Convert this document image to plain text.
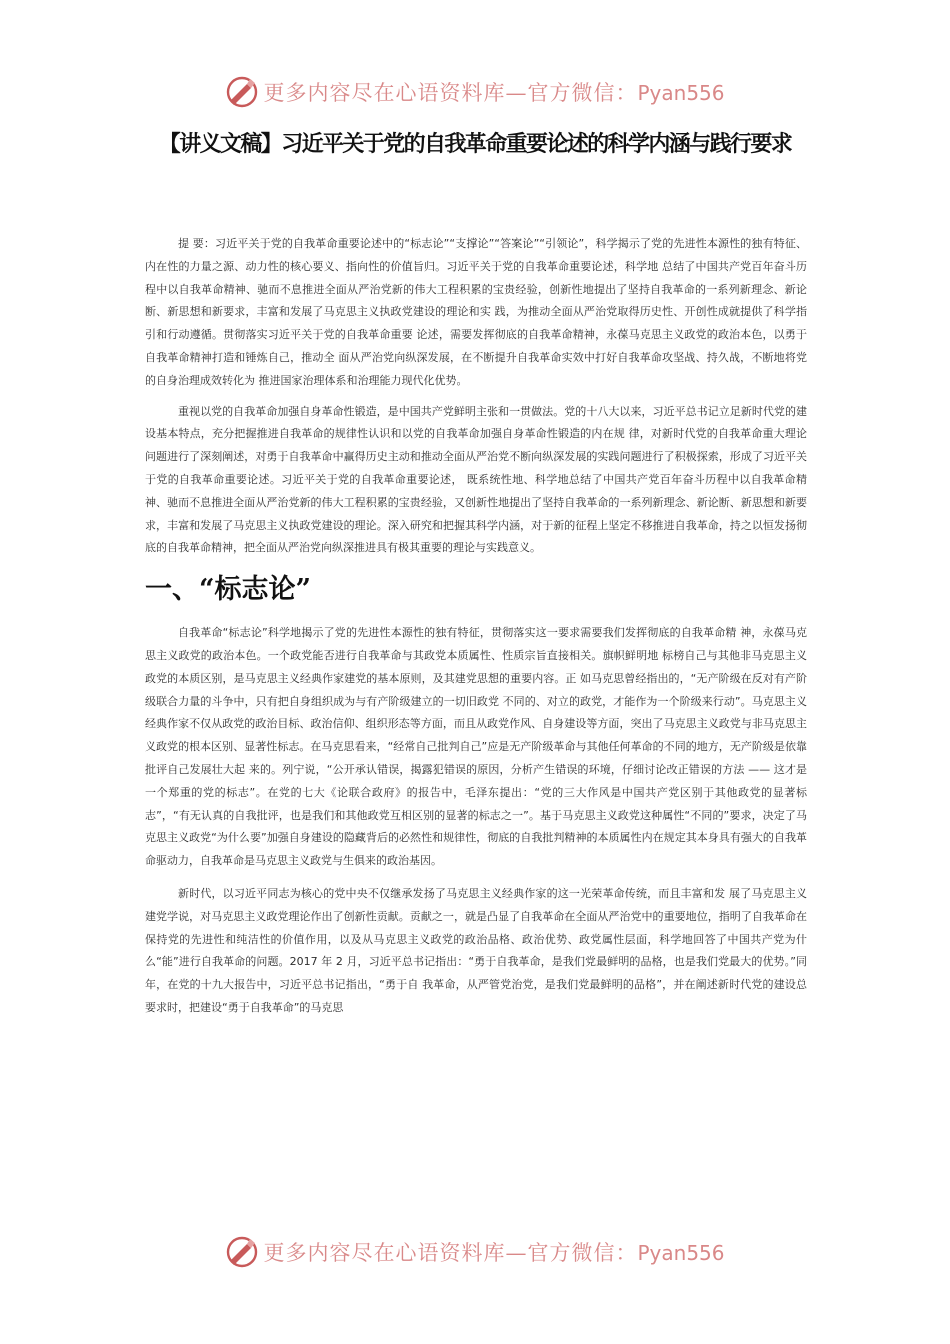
更多内容尽在心语资料库—官方微信：Pyan556
【讲义文稿】习近平关于党的自我革命重要论述的科学内涵与践行要求

提 要：习近平关于党的自我革命重要论述中的“标志论”“支撑论”“答案论”“引领论”，科学揭示了党的先进性本源性的独有特征、内在性的力量之源、动力性的核心要义、指向性的价值旨归。习近平关于党的自我革命重要论述，科学地 总结了中国共产党百年奋斗历程中以自我革命精神、驰而不息推进全面从严治党新的伟大工程积累的宝贵经验，创新性地提出了坚持自我革命的一系列新理念、新论断、新思想和新要求，丰富和发展了马克思主义执政党建设的理论和实 践，为推动全面从严治党取得历史性、开创性成就提供了科学指引和行动遵循。贯彻落实习近平关于党的自我革命重要 论述，需要发挥彻底的自我革命精神，永葆马克思主义政党的政治本色，以勇于自我革命精神打造和锤炼自己，推动全 面从严治党向纵深发展，在不断提升自我革命实效中打好自我革命攻坚战、持久战，不断地将党的自身治理成效转化为 推进国家治理体系和治理能力现代化优势。

重视以党的自我革命加强自身革命性锻造，是中国共产党鲜明主张和一贯做法。党的十八大以来，习近平总书记立足新时代党的建设基本特点，充分把握推进自我革命的规律性认识和以党的自我革命加强自身革命性锻造的内在规 律，对新时代党的自我革命重大理论问题进行了深刻阐述，对勇于自我革命中赢得历史主动和推动全面从严治党不断向纵深发展的实践问题进行了积极探索，形成了习近平关于党的自我革命重要论述。习近平关于党的自我革命重要论述， 既系统性地、科学地总结了中国共产党百年奋斗历程中以自我革命精神、驰而不息推进全面从严治党新的伟大工程积累的宝贵经验，又创新性地提出了坚持自我革命的一系列新理念、新论断、新思想和新要求，丰富和发展了马克思主义执政党建设的理论。深入研究和把握其科学内涵，对于新的征程上坚定不移推进自我革命，持之以恒发扬彻底的自我革命精神，把全面从严治党向纵深推进具有极其重要的理论与实践意义。

一、“标志论”

自我革命“标志论”科学地揭示了党的先进性本源性的独有特征，贯彻落实这一要求需要我们发挥彻底的自我革命精 神，永葆马克思主义政党的政治本色。一个政党能否进行自我革命与其政党本质属性、性质宗旨直接相关。旗帜鲜明地 标榜自己与其他非马克思主义政党的本质区别，是马克思主义经典作家建党的基本原则，及其建党思想的重要内容。正 如马克思曾经指出的，“无产阶级在反对有产阶级联合力量的斗争中，只有把自身组织成为与有产阶级建立的一切旧政党 不同的、对立的政党，才能作为一个阶级来行动”。马克思主义经典作家不仅从政党的政治目标、政治信仰、组织形态等方面，而且从政党作风、自身建设等方面，突出了马克思主义政党与非马克思主义政党的根本区别、显著性标志。在马克思看来，“经常自己批判自己”应是无产阶级革命与其他任何革命的不同的地方，无产阶级是依靠批评自己发展壮大起 来的。列宁说，“公开承认错误，揭露犯错误的原因，分析产生错误的环境，仔细讨论改正错误的方法 —— 这才是一个郑重的党的标志”。在党的七大《论联合政府》的报告中，毛泽东提出：“党的三大作风是中国共产党区别于其他政党的显著标志”，“有无认真的自我批评，也是我们和其他政党互相区别的显著的标志之一”。基于马克思主义政党这种属性“不同的”要求，决定了马克思主义政党“为什么要”加强自身建设的隐藏背后的必然性和规律性，彻底的自我批判精神的本质属性内在规定其本身具有强大的自我革命驱动力，自我革命是马克思主义政党与生俱来的政治基因。

新时代，以习近平同志为核心的党中央不仅继承发扬了马克思主义经典作家的这一光荣革命传统，而且丰富和发 展了马克思主义建党学说，对马克思主义政党理论作出了创新性贡献。贡献之一，就是凸显了自我革命在全面从严治党中的重要地位，指明了自我革命在保持党的先进性和纯洁性的价值作用，以及从马克思主义政党的政治品格、政治优势、政党属性层面，科学地回答了中国共产党为什么“能”进行自我革命的问题。2017 年 2 月，习近平总书记指出：“勇于自我革命，是我们党最鲜明的品格，也是我们党最大的优势。”同年，在党的十九大报告中，习近平总书记指出，“勇于自 我革命，从严管党治党，是我们党最鲜明的品格”，并在阐述新时代党的建设总要求时，把建设“勇于自我革命”的马克思

更多内容尽在心语资料库—官方微信：Pyan556
